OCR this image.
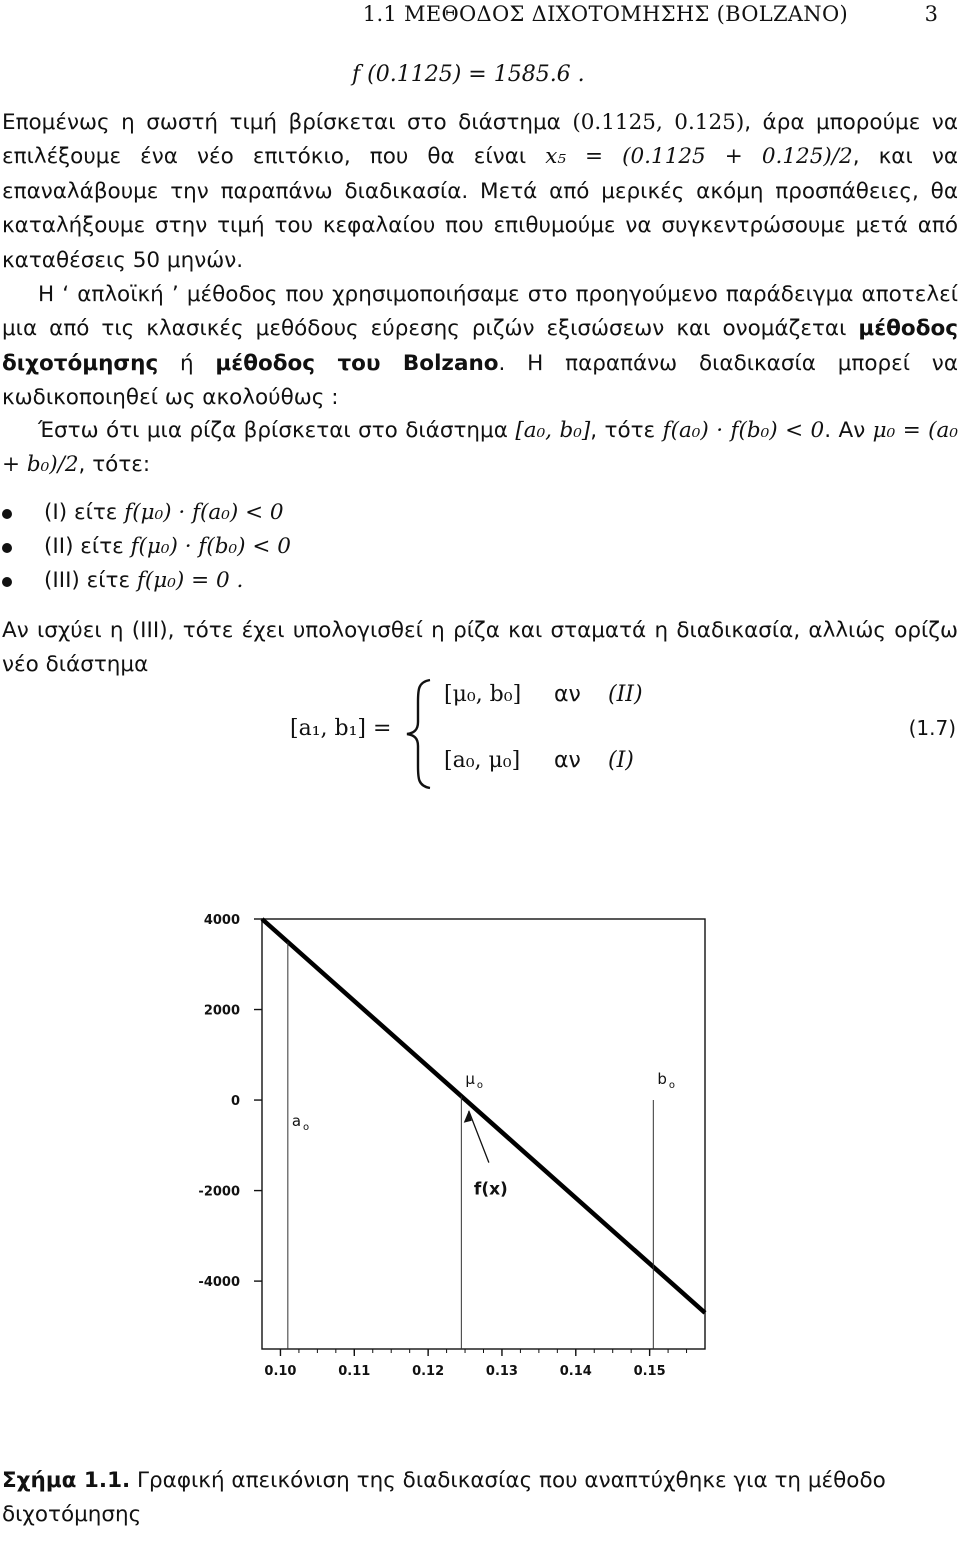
1.1 ΜΕΘΟΔΟΣ ΔΙΧΟΤΟΜΗΣΗΣ (BOLZANO)	3
f (0.1125) = 1585.6 .

Επομένως η σωστή τιμή βρίσκεται στο διάστημα (0.1125, 0.125), άρα μπορούμε να επιλέξουμε ένα νέο επιτόκιο, που θα είναι x₅ = (0.1125 + 0.125)/2, και να επαναλάβουμε την παραπάνω διαδικασία. Μετά από μερικές ακόμη προσπάθειες, θα καταλήξουμε στην τιμή του κεφαλαίου που επιθυμούμε να συγκεντρώσουμε μετά από καταθέσεις 50 μηνών.

Η ‘ απλοϊκή ’ μέθοδος που χρησιμοποιήσαμε στο προηγούμενο παράδειγμα αποτελεί μια από τις κλασικές μεθόδους εύρεσης ριζών εξισώσεων και ονομάζεται μέθοδος διχοτόμησης ή μέθοδος του Bolzano. Η παραπάνω διαδικασία μπορεί να κωδικοποιηθεί ως ακολούθως :

Έστω ότι μια ρίζα βρίσκεται στο διάστημα [a₀, b₀], τότε f(a₀) · f(b₀) < 0. Αν μ₀ = (a₀ + b₀)/2, τότε:

(I) είτε f(μ₀) · f(a₀) < 0
(II) είτε f(μ₀) · f(b₀) < 0
(III) είτε f(μ₀) = 0 .

Αν ισχύει η (ΙΙΙ), τότε έχει υπολογισθεί η ρίζα και σταματά η διαδικασία, αλλιώς ορίζω νέο διάστημα

[a₁, b₁] =
[μ₀, b₀] αν (II)
[a₀, μ₀] αν (I)
(1.7)
4000
2000
0
-2000
-4000
0.10	0.11	0.12	0.13	0.14	0.15
a $_o$
μ $_o$	b $_o$
f(x)
Σχήμα 1.1. Γραφική απεικόνιση της διαδικασίας που αναπτύχθηκε για τη μέθοδο διχοτόμησης
